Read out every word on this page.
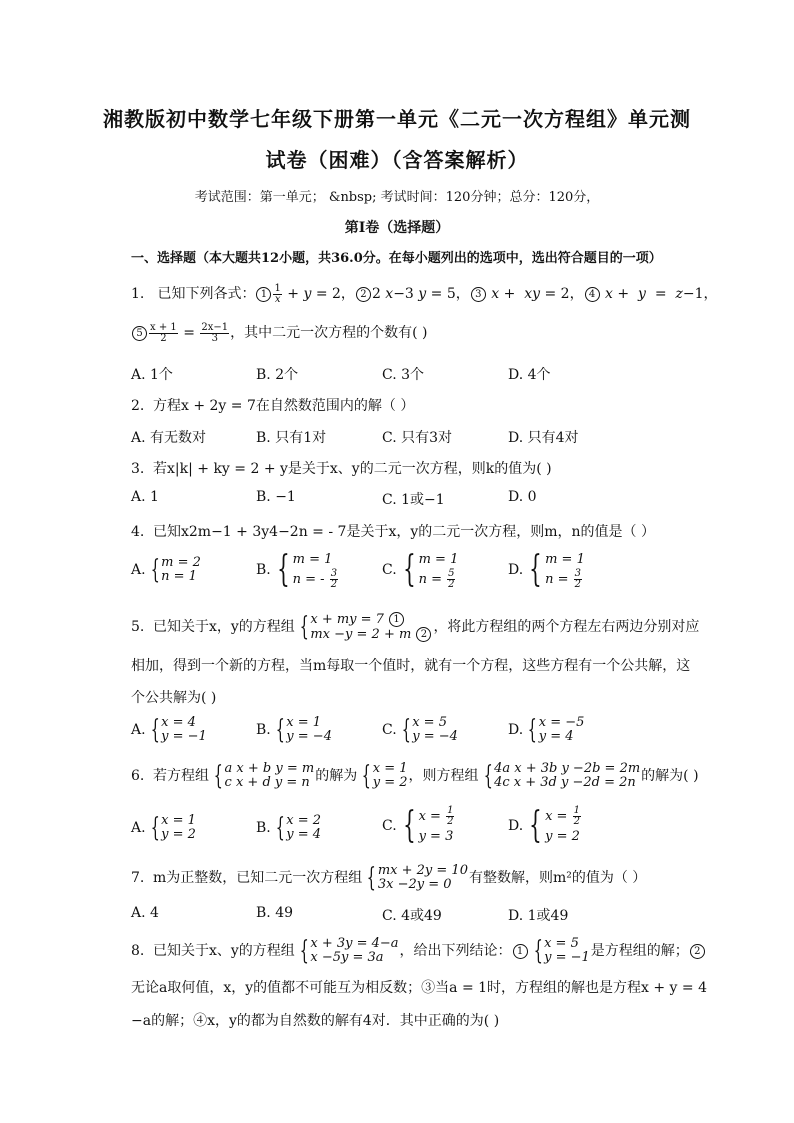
湘教版初中数学七年级下册第一单元《二元一次方程组》单元测
试卷（困难）（含答案解析）
考试范围：第一单元； &nbsp; 考试时间：120分钟；总分：120分，
第Ⅰ卷（选择题）
一、选择题（本大题共12小题，共36.0分。在每小题列出的选项中，选出符合题目的一项）
1. 已知下列各式： $1 \frac{1}{x} + y = 2$， 2 2 x−3 y = 5， 3 x +  xy = 2， 4 x +  y  =  z−1，
$5 \frac{x + 1}{2} = \frac{2x-1}{3}$ ，其中二元一次方程的个数有( )
A. 1个	B. 2个	C. 3个	D. 4个
2. 方程x + 2y = 7在自然数范围内的解（ ）
A. 有无数对	B. 只有1对	C. 只有3对	D. 只有4对
3. 若x|k| + ky = 2 + y是关于x、y的二元一次方程，则k的值为( )
A. 1	B. −1	C. 1或−1	D. 0
4. 已知x2m−1 + 3y4−2n = - 7是关于x，y的二元一次方程，则m，n的值是（ ）
A. { m = 2
n = 1	B. { m = 1
n = - $\frac{3}{2}$	C. { m = 1
$n = \frac{5}{2}$	D. { m = 1
$n = \frac{3}{2}$
5. 已知关于x，y的方程组 { x + my = 7 1
mx −y = 2 + m 2 ，将此方程组的两个方程左右两边分别对应
相加，得到一个新的方程，当m每取一个值时，就有一个方程，这些方程有一个公共解，这
个公共解为( )
A. { x = 4
y = −1	B. { x = 1
y = −4	C. { x = 5
y = −4	D. { x = −5
y = 4
6. 若方程组 { a x + b y = m
c x + d y = n 的解为 { x = 1
y = 2 ，则方程组 { 4a x + 3b y −2b = 2m
4c x + 3d y −2d = 2n 的解为( )
A. { x = 1
y = 2	B. { x = 2
y = 4
C. { $x = \frac{1}{2}$
y = 3
D. { $x = \frac{1}{2}$
y = 2
7. m为正整数，已知二元一次方程组 { mx + 2y = 10
3x −2y = 0	有整数解，则m²的值为（ ）
A. 4	B. 49	C. 4或49	D. 1或49
8. 已知关于x、y的方程组 { x + 3y = 4−a
x −5y = 3a	，给出下列结论： 1 { x = 5
y = −1 是方程组的解； 2
无论a取何值，x，y的值都不可能互为相反数；③当a = 1时，方程组的解也是方程x + y = 4
−a的解；④x，y的都为自然数的解有4对．其中正确的为( )
